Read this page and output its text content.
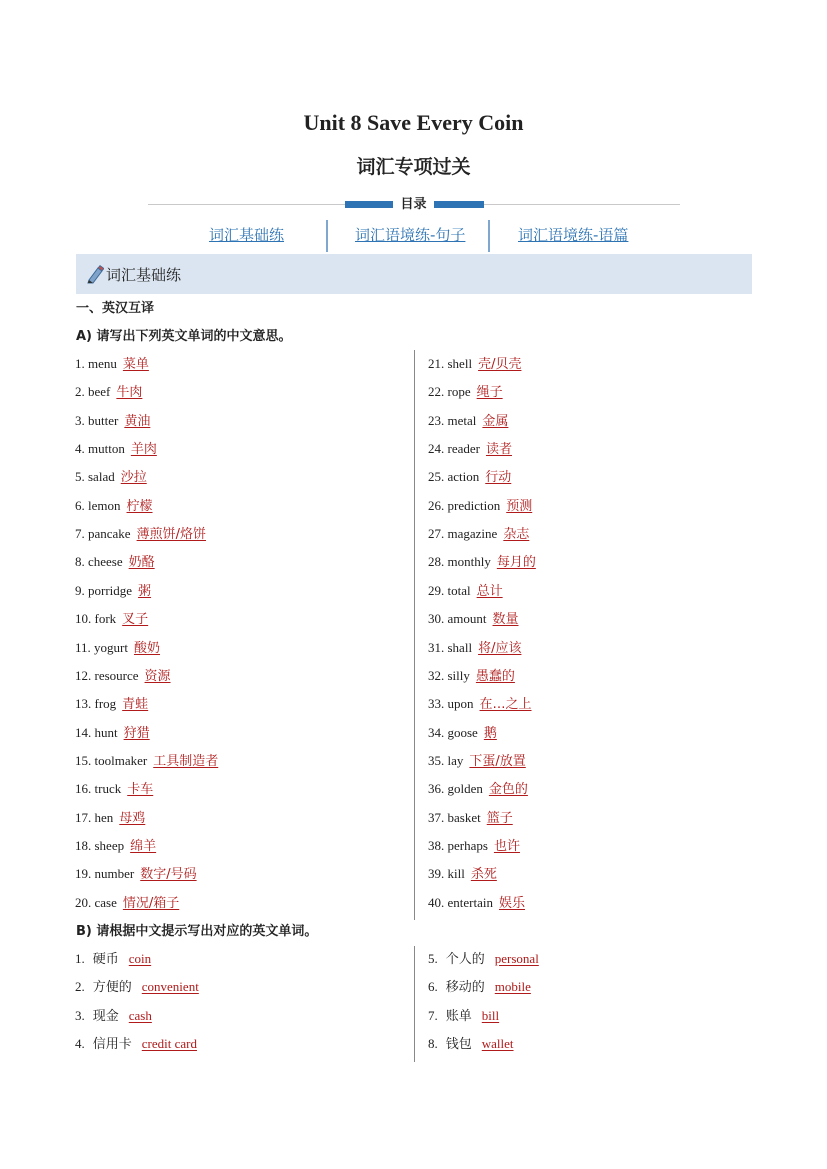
Unit 8 Save Every Coin
词汇专项过关
目录
词汇基础练	词汇语境练-句子	词汇语境练-语篇
词汇基础练
一、英汉互译
A) 请写出下列英文单词的中文意思。
1. menu 菜单
2. beef 牛肉
3. butter 黄油
4. mutton 羊肉
5. salad 沙拉
6. lemon 柠檬
7. pancake 薄煎饼/烙饼
8. cheese 奶酪
9. porridge 粥
10. fork 叉子
11. yogurt 酸奶
12. resource 资源
13. frog 青蛙
14. hunt 狩猎
15. toolmaker 工具制造者
16. truck 卡车
17. hen 母鸡
18. sheep 绵羊
19. number 数字/号码
20. case 情况/箱子
21. shell 壳/贝壳
22. rope 绳子
23. metal 金属
24. reader 读者
25. action 行动
26. prediction 预测
27. magazine 杂志
28. monthly 每月的
29. total 总计
30. amount 数量
31. shall 将/应该
32. silly 愚蠢的
33. upon 在…之上
34. goose 鹅
35. lay 下蛋/放置
36. golden 金色的
37. basket 篮子
38. perhaps 也许
39. kill 杀死
40. entertain 娱乐
B) 请根据中文提示写出对应的英文单词。
1. 硬币 coin
2. 方便的 convenient
3. 现金 cash
4. 信用卡 credit card
5. 个人的 personal
6. 移动的 mobile
7. 账单 bill
8. 钱包 wallet
